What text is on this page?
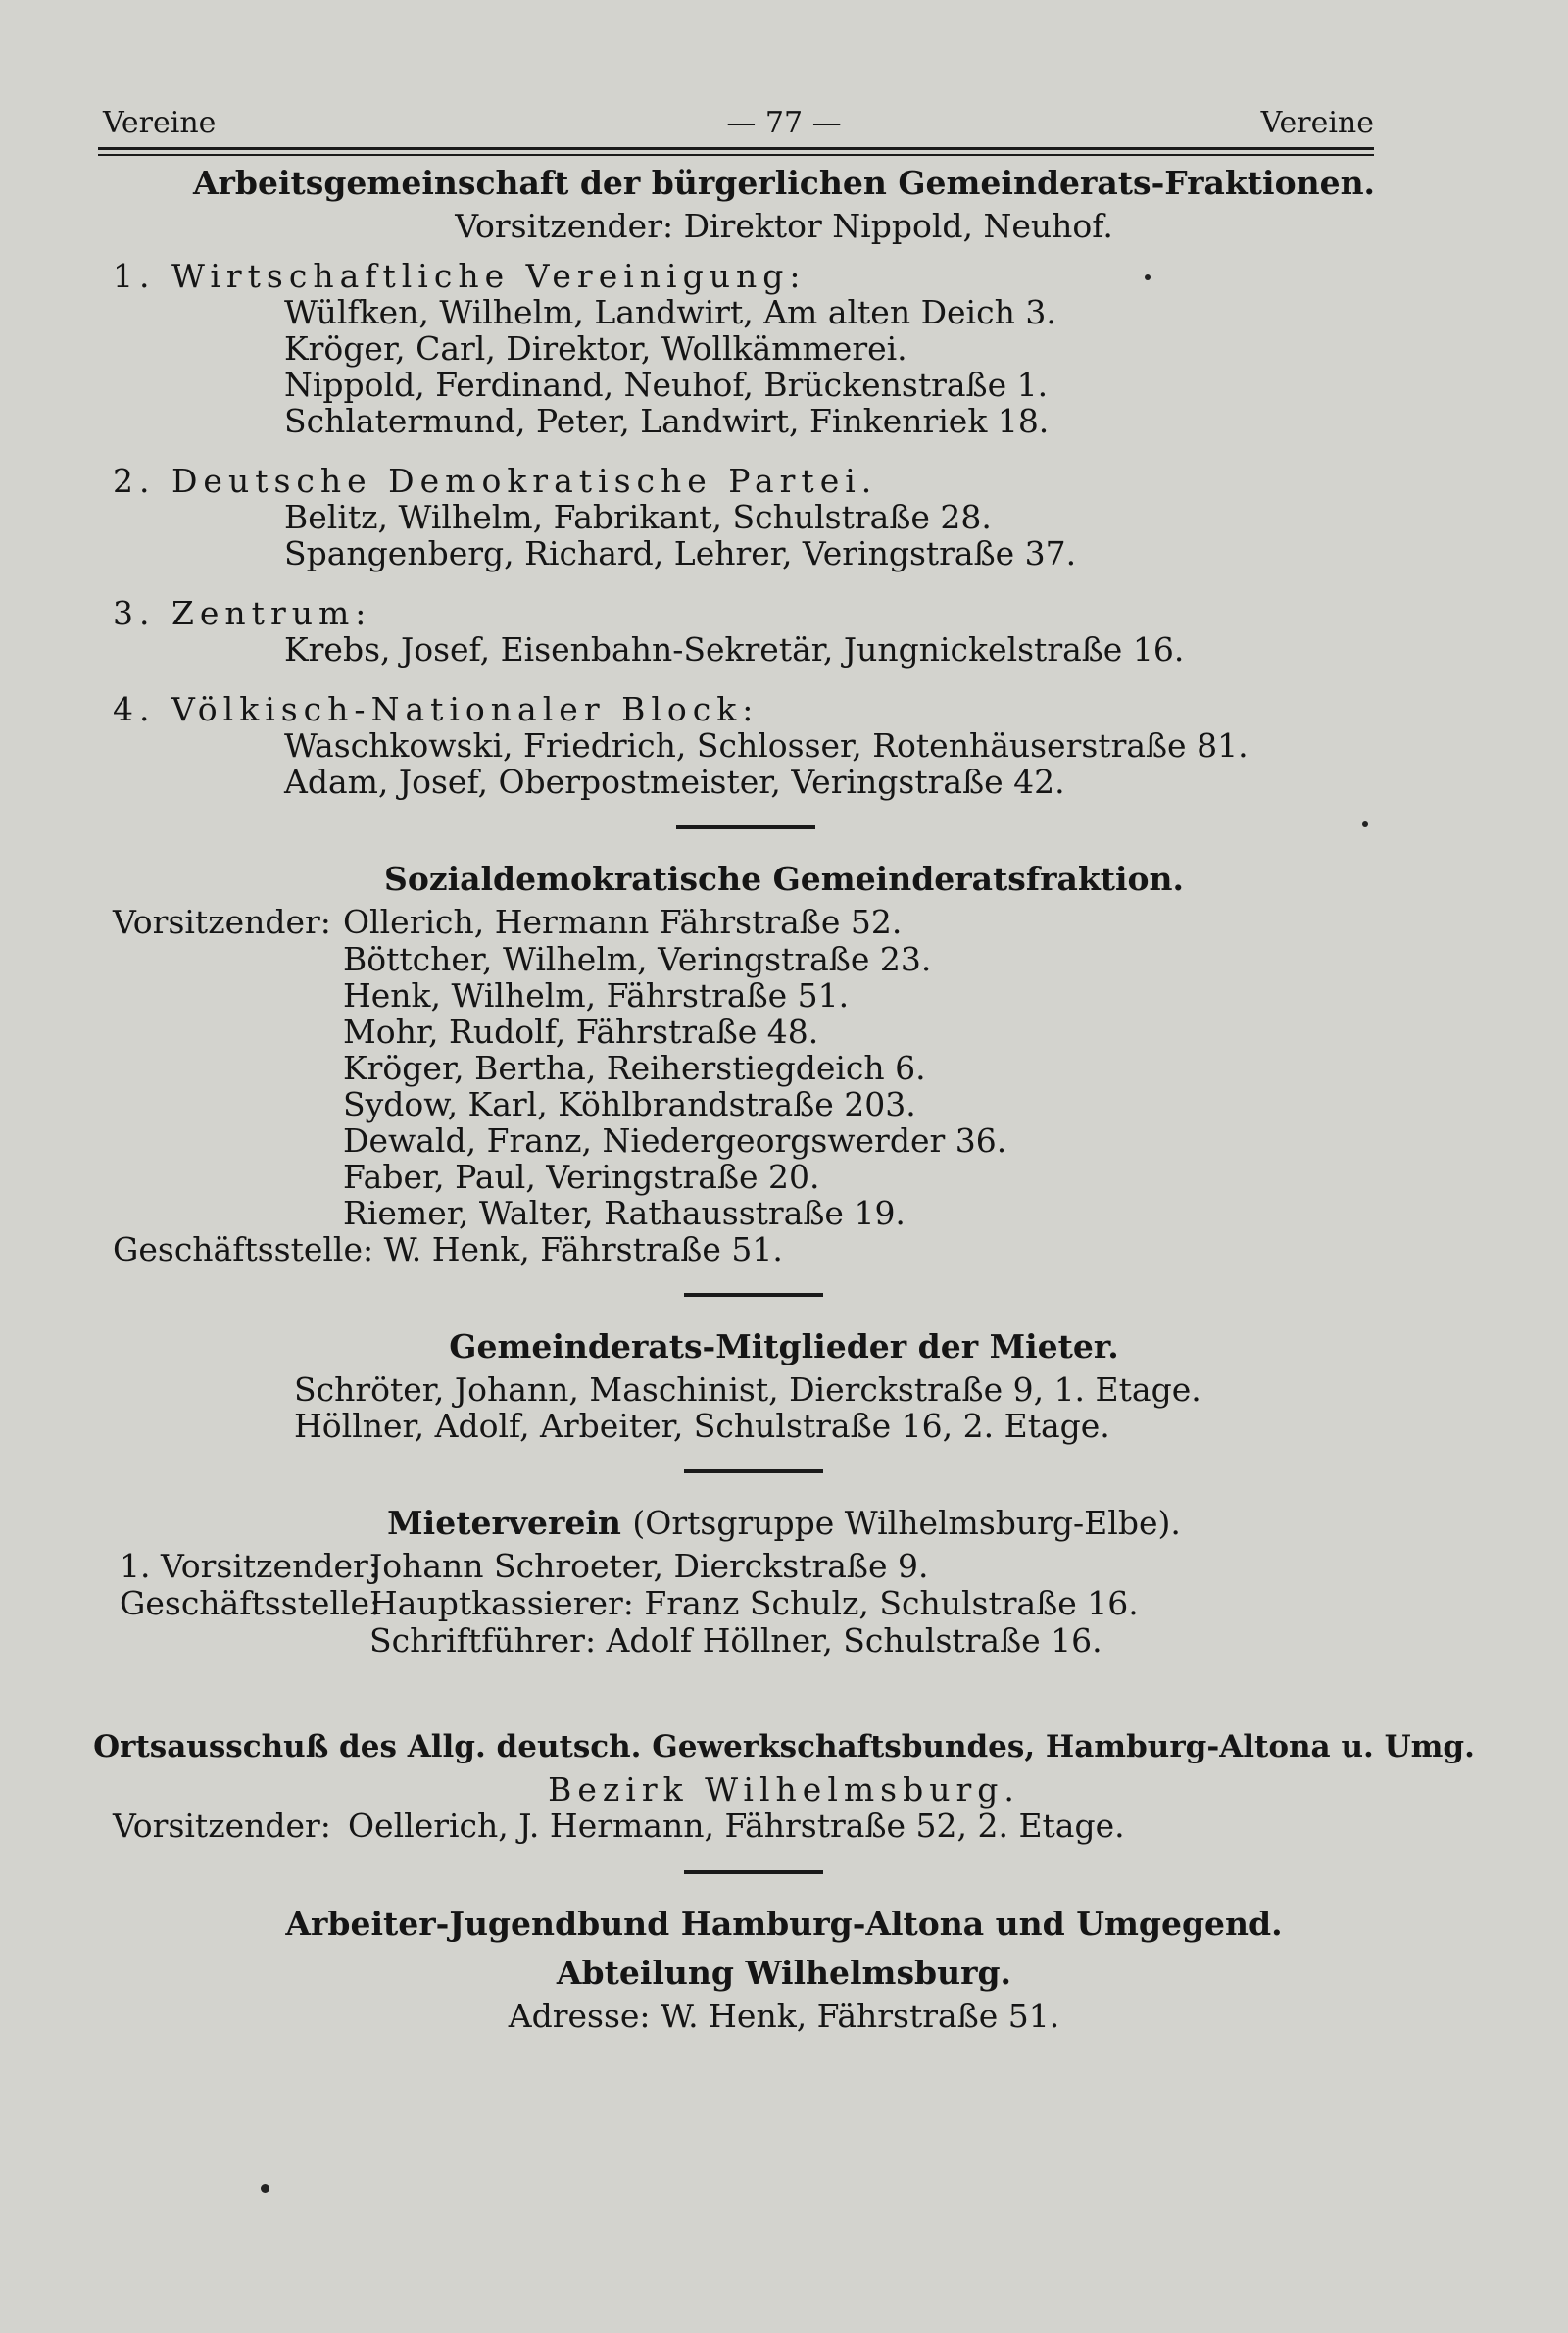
Vereine	— 77 —	Vereine
Arbeitsgemeinschaft der bürgerlichen Gemeinderats-Fraktionen.
Vorsitzender: Direktor Nippold, Neuhof.
1. Wirtschaftliche Vereinigung:
Wülfken, Wilhelm, Landwirt, Am alten Deich 3.
Kröger, Carl, Direktor, Wollkämmerei.
Nippold, Ferdinand, Neuhof, Brückenstraße 1.
Schlatermund, Peter, Landwirt, Finkenriek 18.
2. Deutsche Demokratische Partei.
Belitz, Wilhelm, Fabrikant, Schulstraße 28.
Spangenberg, Richard, Lehrer, Veringstraße 37.
3. Zentrum:
Krebs, Josef, Eisenbahn-Sekretär, Jungnickelstraße 16.
4. Völkisch-Nationaler Block:
Waschkowski, Friedrich, Schlosser, Rotenhäuserstraße 81.
Adam, Josef, Oberpostmeister, Veringstraße 42.
Sozialdemokratische Gemeinderatsfraktion.
Vorsitzender: Ollerich, Hermann Fährstraße 52.
Böttcher, Wilhelm, Veringstraße 23.
Henk, Wilhelm, Fährstraße 51.
Mohr, Rudolf, Fährstraße 48.
Kröger, Bertha, Reiherstiegdeich 6.
Sydow, Karl, Köhlbrandstraße 203.
Dewald, Franz, Niedergeorgswerder 36.
Faber, Paul, Veringstraße 20.
Riemer, Walter, Rathausstraße 19.
Geschäftsstelle: W. Henk, Fährstraße 51.
Gemeinderats-Mitglieder der Mieter.
Schröter, Johann, Maschinist, Dierckstraße 9, 1. Etage.
Höllner, Adolf, Arbeiter, Schulstraße 16, 2. Etage.
Mieterverein (Ortsgruppe Wilhelmsburg-Elbe).
1. Vorsitzender:
Johann Schroeter, Dierckstraße 9.
Geschäftsstelle:
Hauptkassierer: Franz Schulz, Schulstraße 16.
Schriftführer: Adolf Höllner, Schulstraße 16.
Ortsausschuß des Allg. deutsch. Gewerkschaftsbundes, Hamburg-Altona u. Umg.
Bezirk Wilhelmsburg.
Vorsitzender: Oellerich, J. Hermann, Fährstraße 52, 2. Etage.
Arbeiter-Jugendbund Hamburg-Altona und Umgegend.
Abteilung Wilhelmsburg.
Adresse: W. Henk, Fährstraße 51.
